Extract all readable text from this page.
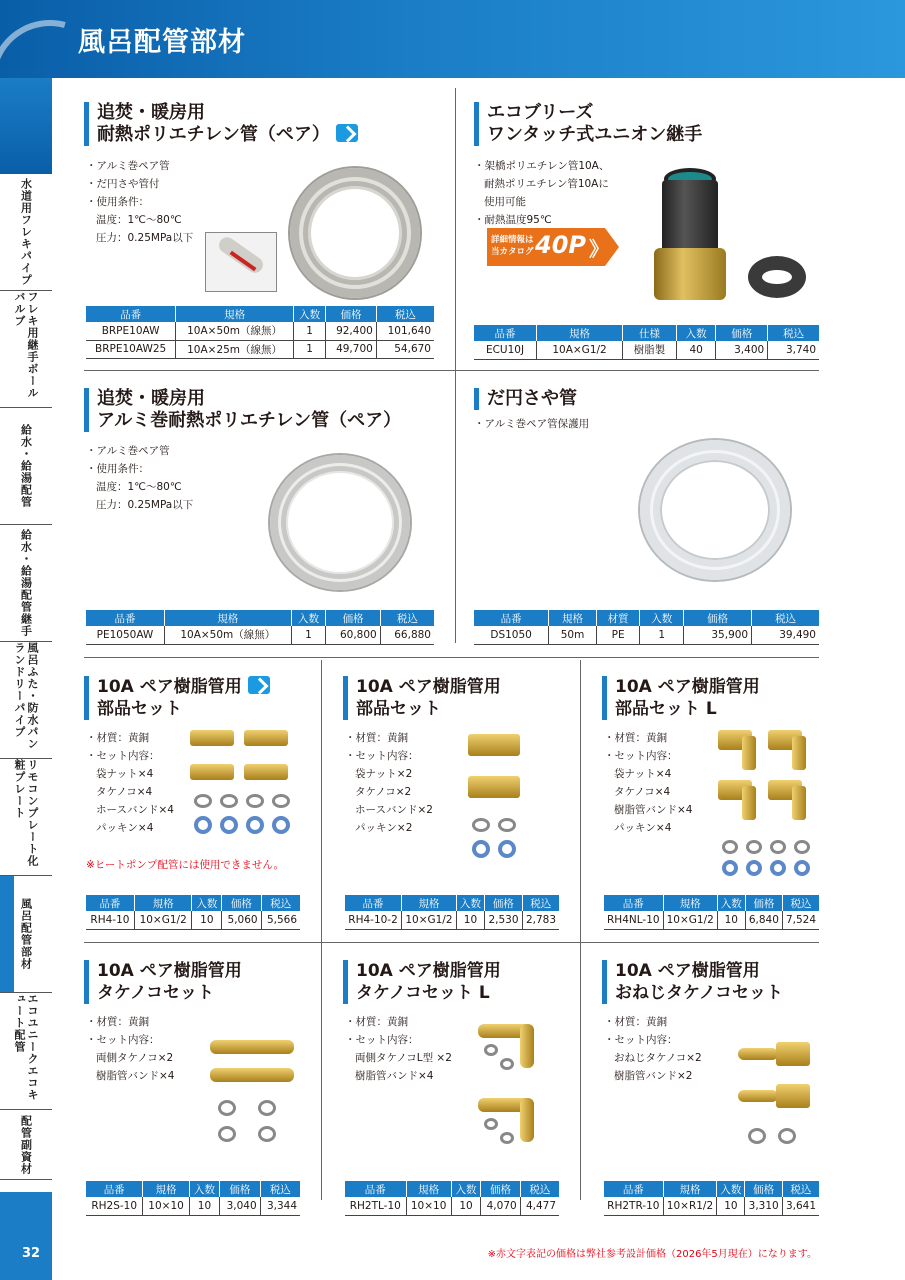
風呂配管部材
水道用フレキパイプ
フレキ用継手ボールバルブ
給水・給湯配管
給水・給湯配管継手
風呂ふた・防水パンランドリーパイプ
リモコンプレート化粧プレート
風呂配管部材
エコユニークエコキュート配管
配管副資材
32
追焚・暖房用
耐熱ポリエチレン管（ペア）
・アルミ巻ペア管
・だ円さや管付
・使用条件：
温度：1℃～80℃
圧力：0.25MPa以下
品番	規格	入数	価格	税込
BRPE10AW	10A×50m（線無）	1	92,400	101,640
BRPE10AW25	10A×25m（線無）	1	49,700	54,670
エコブリーズ
ワンタッチ式ユニオン継手
・架橋ポリエチレン管10A、
耐熱ポリエチレン管10Aに
使用可能
・耐熱温度95℃
詳細情報は当カタログ 40P 》
品番	規格	仕様	入数	価格	税込
ECU10J	10A×G1/2	樹脂製	40	3,400	3,740
追焚・暖房用
アルミ巻耐熱ポリエチレン管（ペア）
・アルミ巻ペア管
・使用条件：
温度：1℃～80℃
圧力：0.25MPa以下
品番	規格	入数	価格	税込
PE1050AW	10A×50m（線無）	1	60,800	66,880
だ円さや管
・アルミ巻ペア管保護用
品番	規格	材質	入数	価格	税込
DS1050	50m	PE	1	35,900	39,490
10A ペア樹脂管用
部品セット
・材質：黄銅
・セット内容：
袋ナット×4
タケノコ×4
ホースバンド×4
パッキン×4
※ヒートポンプ配管には使用できません。
品番	規格	入数	価格	税込
RH4-10	10×G1/2	10	5,060	5,566
10A ペア樹脂管用
部品セット
・材質：黄銅
・セット内容：
袋ナット×2
タケノコ×2
ホースバンド×2
パッキン×2
品番	規格	入数	価格	税込
RH4-10-2	10×G1/2	10	2,530	2,783
10A ペア樹脂管用
部品セット L
・材質：黄銅
・セット内容：
袋ナット×4
タケノコ×4
樹脂管バンド×4
パッキン×4
品番	規格	入数	価格	税込
RH4NL-10	10×G1/2	10	6,840	7,524
10A ペア樹脂管用
タケノコセット
・材質：黄銅
・セット内容：
両側タケノコ×2
樹脂管バンド×4
品番	規格	入数	価格	税込
RH2S-10	10×10	10	3,040	3,344
10A ペア樹脂管用
タケノコセット L
・材質：黄銅
・セット内容：
両側タケノコL型 ×2
樹脂管バンド×4
品番	規格	入数	価格	税込
RH2TL-10	10×10	10	4,070	4,477
10A ペア樹脂管用
おねじタケノコセット
・材質：黄銅
・セット内容：
おねじタケノコ×2
樹脂管バンド×2
品番	規格	入数	価格	税込
RH2TR-10	10×R1/2	10	3,310	3,641
※赤文字表記の価格は弊社参考設計価格（2026年5月現在）になります。
